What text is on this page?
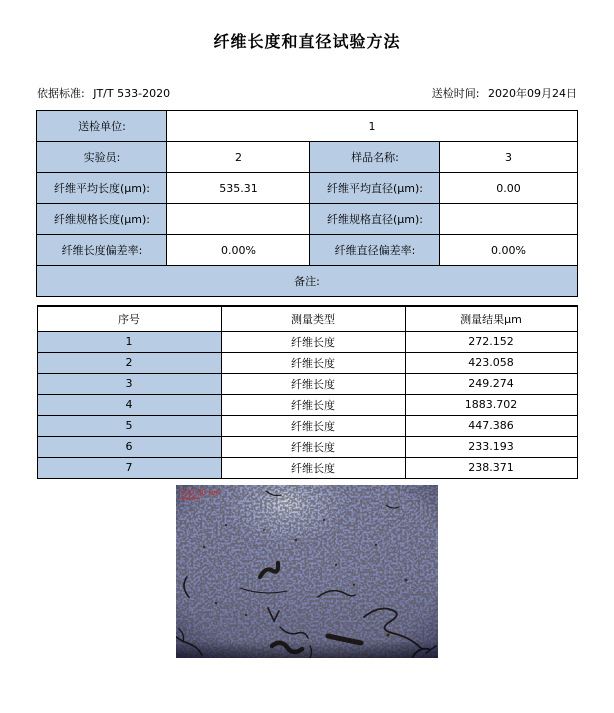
纤维长度和直径试验方法
依据标准: JT/T 533-2020	送检时间: 2020年09月24日
送检单位:	1		
实验员:	2	样品名称:	3
纤维平均长度(μm):	535.31	纤维平均直径(μm):	0.00
纤维规格长度(μm):		纤维规格直径(μm):	
纤维长度偏差率:	0.00%	纤维直径偏差率:	0.00%
备注:			
序号	测量类型	测量结果μm
1	纤维长度	272.152
2	纤维长度	423.058
3	纤维长度	249.274
4	纤维长度	1883.702
5	纤维长度	447.386
6	纤维长度	233.193
7	纤维长度	238.371
200.00 μm
